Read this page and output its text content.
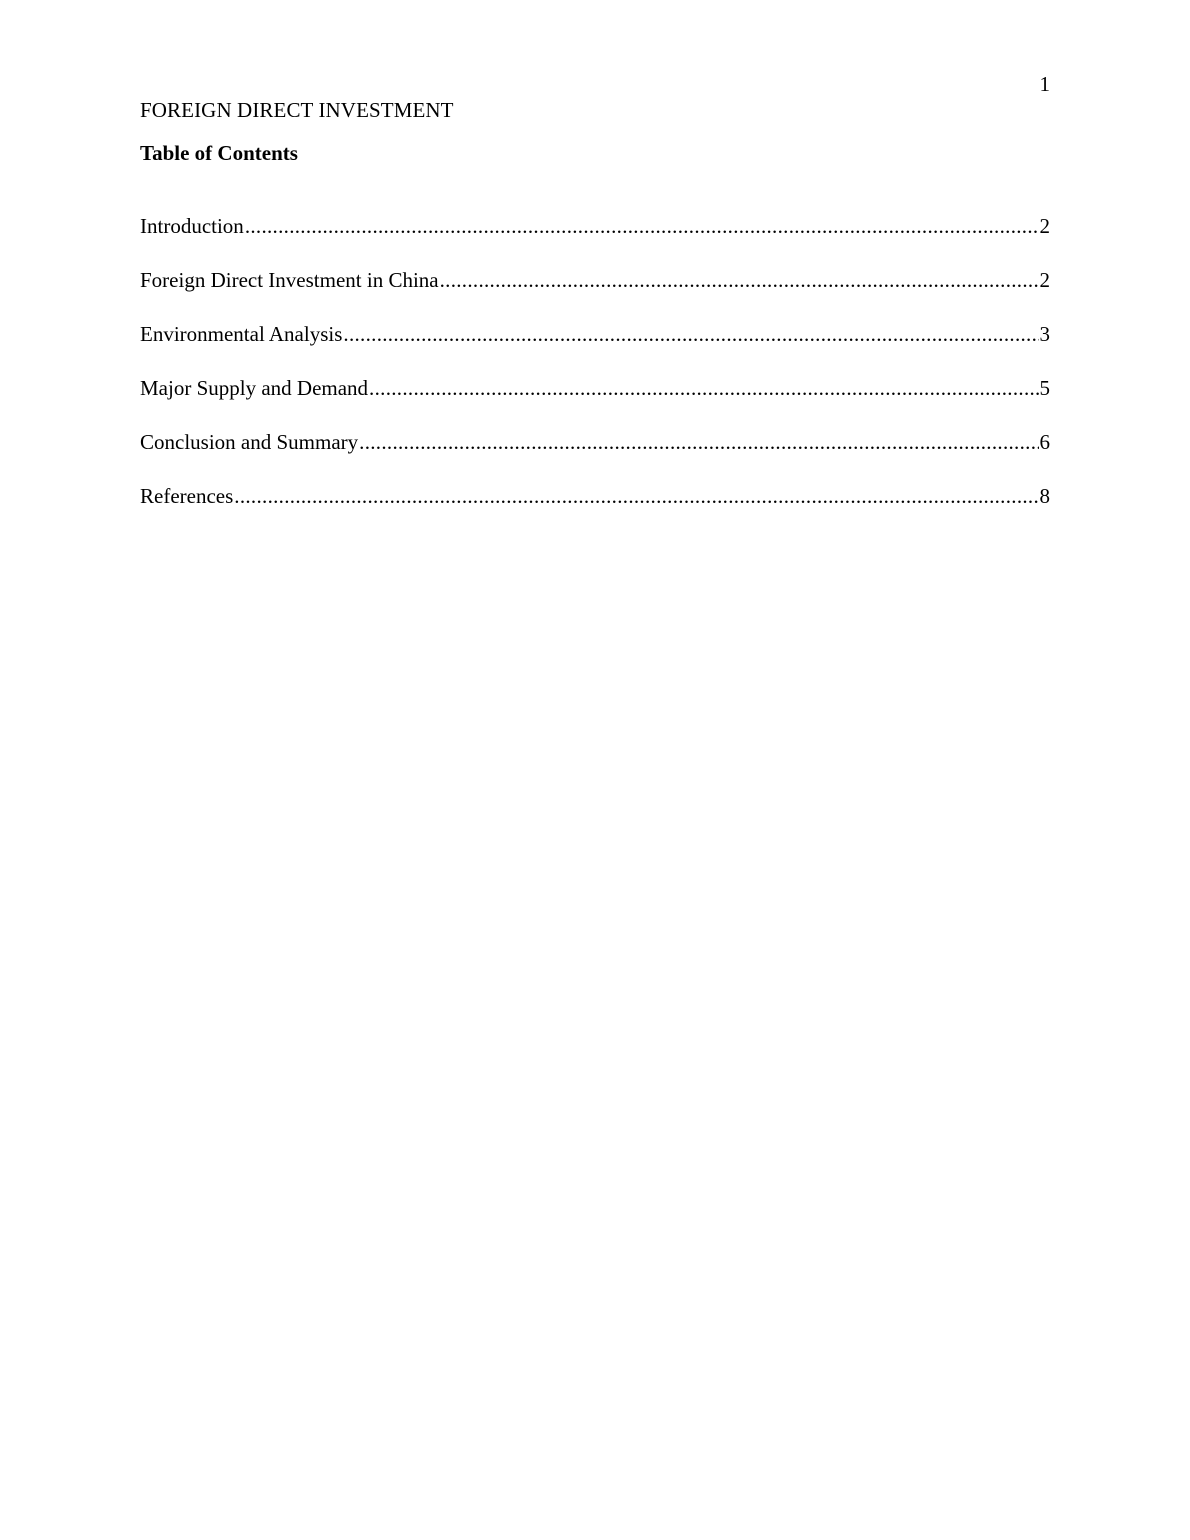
1
FOREIGN DIRECT INVESTMENT
Table of Contents
Introduction .....	2
Foreign Direct Investment in China .....	2
Environmental Analysis .....	3
Major Supply and Demand .....	5
Conclusion and Summary .....	6
References .....	8
